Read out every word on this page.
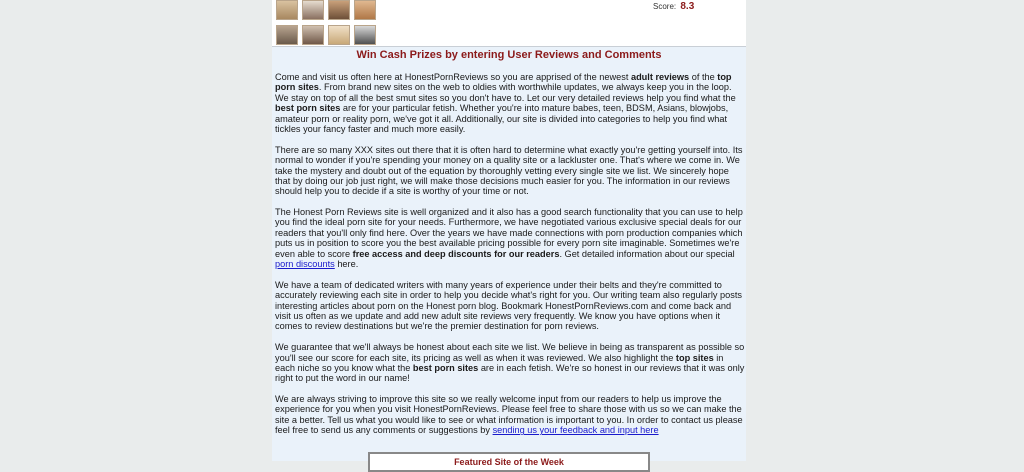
Score: 8.3
Win Cash Prizes by entering User Reviews and Comments

Come and visit us often here at HonestPornReviews so you are apprised of the newest adult reviews of the top porn sites. From brand new sites on the web to oldies with worthwhile updates, we always keep you in the loop. We stay on top of all the best smut sites so you don't have to. Let our very detailed reviews help you find what the best porn sites are for your particular fetish. Whether you're into mature babes, teen, BDSM, Asians, blowjobs, amateur porn or reality porn, we've got it all. Additionally, our site is divided into categories to help you find what tickles your fancy faster and much more easily.

There are so many XXX sites out there that it is often hard to determine what exactly you're getting yourself into. Its normal to wonder if you're spending your money on a quality site or a lackluster one. That's where we come in. We take the mystery and doubt out of the equation by thoroughly vetting every single site we list. We sincerely hope that by doing our job just right, we will make those decisions much easier for you. The information in our reviews should help you to decide if a site is worthy of your time or not.

The Honest Porn Reviews site is well organized and it also has a good search functionality that you can use to help you find the ideal porn site for your needs. Furthermore, we have negotiated various exclusive special deals for our readers that you'll only find here. Over the years we have made connections with porn production companies which puts us in position to score you the best available pricing possible for every porn site imaginable. Sometimes we're even able to score free access and deep discounts for our readers. Get detailed information about our special porn discounts here.

We have a team of dedicated writers with many years of experience under their belts and they're committed to accurately reviewing each site in order to help you decide what's right for you. Our writing team also regularly posts interesting articles about porn on the Honest porn blog. Bookmark HonestPornReviews.com and come back and visit us often as we update and add new adult site reviews very frequently. We know you have options when it comes to review destinations but we're the premier destination for porn reviews.

We guarantee that we'll always be honest about each site we list. We believe in being as transparent as possible so you'll see our score for each site, its pricing as well as when it was reviewed. We also highlight the top sites in each niche so you know what the best porn sites are in each fetish. We're so honest in our reviews that it was only right to put the word in our name!

We are always striving to improve this site so we really welcome input from our readers to help us improve the experience for you when you visit HonestPornReviews. Please feel free to share those with us so we can make the site a better. Tell us what you would like to see or what information is important to you. In order to contact us please feel free to send us any comments or suggestions by sending us your feedback and input here

Featured Site of the Week
